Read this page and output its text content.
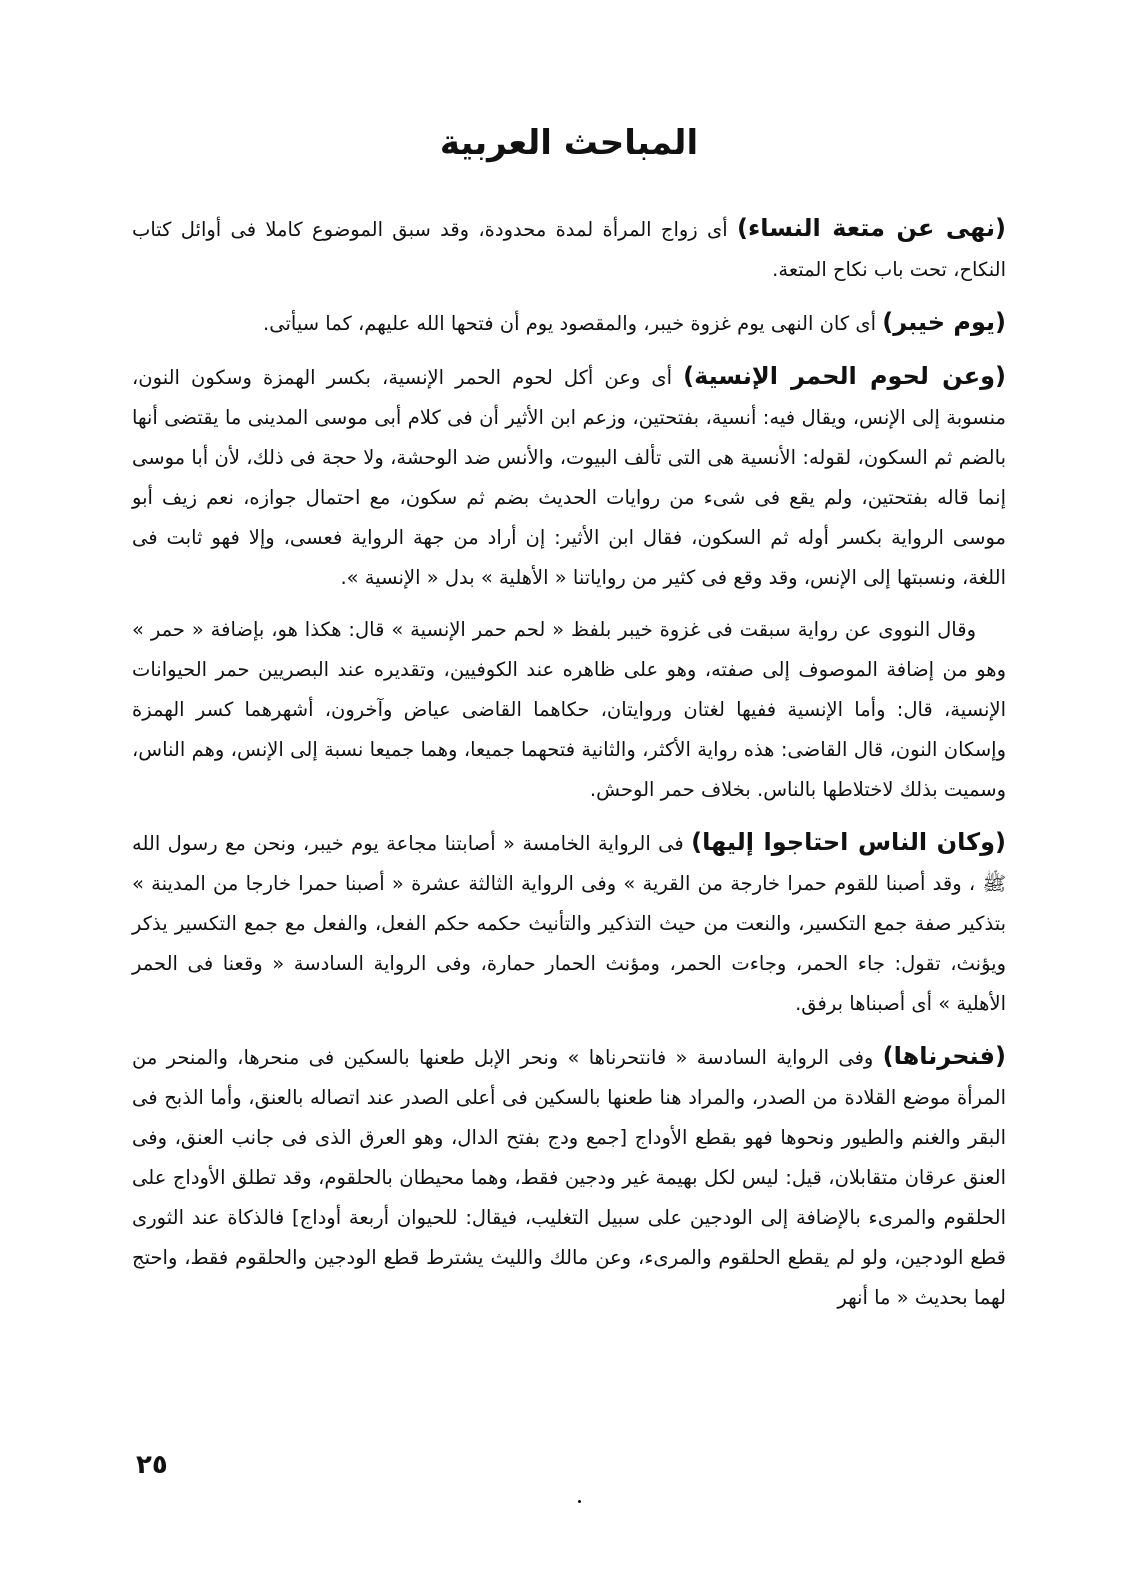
المباحث العربية

(نهى عن متعة النساء) أى زواج المرأة لمدة محدودة، وقد سبق الموضوع كاملا فى أوائل كتاب النكاح، تحت باب نكاح المتعة.

(يوم خيبر) أى كان النهى يوم غزوة خيبر، والمقصود يوم أن فتحها الله عليهم، كما سيأتى.

(وعن لحوم الحمر الإنسية) أى وعن أكل لحوم الحمر الإنسية، بكسر الهمزة وسكون النون، منسوبة إلى الإنس، ويقال فيه: أنسية، بفتحتين، وزعم ابن الأثير أن فى كلام أبى موسى المدينى ما يقتضى أنها بالضم ثم السكون، لقوله: الأنسية هى التى تألف البيوت، والأنس ضد الوحشة، ولا حجة فى ذلك، لأن أبا موسى إنما قاله بفتحتين، ولم يقع فى شىء من روايات الحديث بضم ثم سكون، مع احتمال جوازه، نعم زيف أبو موسى الرواية بكسر أوله ثم السكون، فقال ابن الأثير: إن أراد من جهة الرواية فعسى، وإلا فهو ثابت فى اللغة، ونسبتها إلى الإنس، وقد وقع فى كثير من رواياتنا « الأهلية » بدل « الإنسية ».

وقال النووى عن رواية سبقت فى غزوة خيبر بلفظ « لحم حمر الإنسية » قال: هكذا هو، بإضافة « حمر » وهو من إضافة الموصوف إلى صفته، وهو على ظاهره عند الكوفيين، وتقديره عند البصريين حمر الحيوانات الإنسية، قال: وأما الإنسية ففيها لغتان وروايتان، حكاهما القاضى عياض وآخرون، أشهرهما كسر الهمزة وإسكان النون، قال القاضى: هذه رواية الأكثر، والثانية فتحهما جميعا، وهما جميعا نسبة إلى الإنس، وهم الناس، وسميت بذلك لاختلاطها بالناس. بخلاف حمر الوحش.

(وكان الناس احتاجوا إليها) فى الرواية الخامسة « أصابتنا مجاعة يوم خيبر، ونحن مع رسول الله ﷺ ، وقد أصبنا للقوم حمرا خارجة من القرية » وفى الرواية الثالثة عشرة « أصبنا حمرا خارجا من المدينة » بتذكير صفة جمع التكسير، والنعت من حيث التذكير والتأنيث حكمه حكم الفعل، والفعل مع جمع التكسير يذكر ويؤنث، تقول: جاء الحمر، وجاءت الحمر، ومؤنث الحمار حمارة، وفى الرواية السادسة « وقعنا فى الحمر الأهلية » أى أصبناها برفق.

(فنحرناها) وفى الرواية السادسة « فانتحرناها » ونحر الإبل طعنها بالسكين فى منحرها، والمنحر من المرأة موضع القلادة من الصدر، والمراد هنا طعنها بالسكين فى أعلى الصدر عند اتصاله بالعنق، وأما الذبح فى البقر والغنم والطيور ونحوها فهو بقطع الأوداج [جمع ودج بفتح الدال، وهو العرق الذى فى جانب العنق، وفى العنق عرقان متقابلان، قيل: ليس لكل بهيمة غير ودجين فقط، وهما محيطان بالحلقوم، وقد تطلق الأوداج على الحلقوم والمرىء بالإضافة إلى الودجين على سبيل التغليب، فيقال: للحيوان أربعة أوداج] فالذكاة عند الثورى قطع الودجين، ولو لم يقطع الحلقوم والمرىء، وعن مالك والليث يشترط قطع الودجين والحلقوم فقط، واحتج لهما بحديث « ما أنهر

٢٥
